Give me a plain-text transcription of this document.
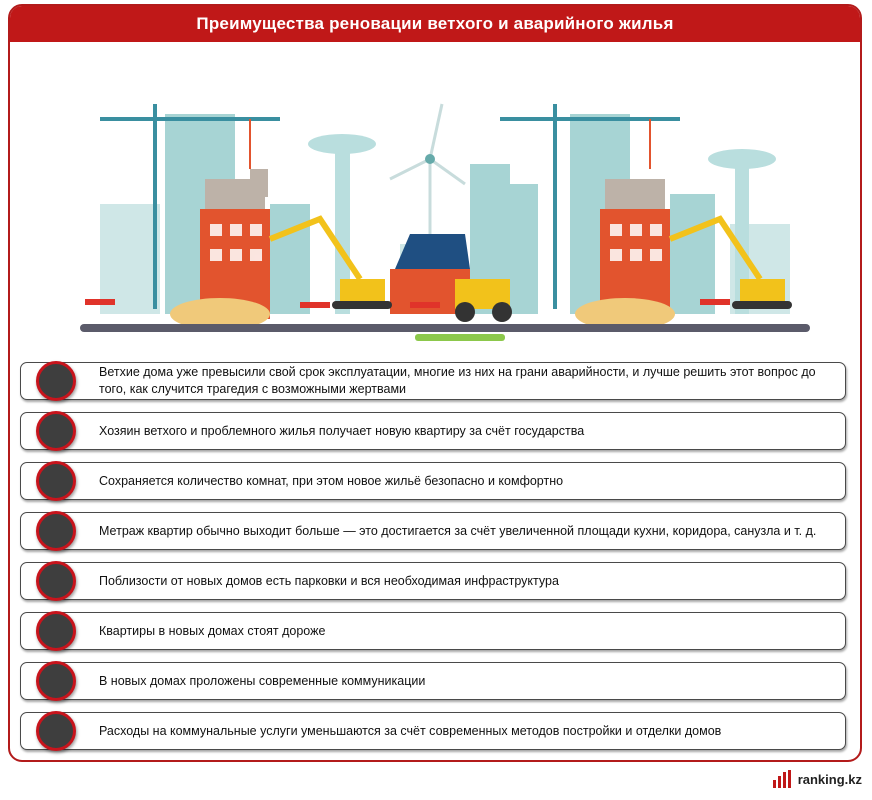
Преимущества реновации ветхого и аварийного жилья
Ветхие дома уже превысили свой срок эксплуатации, многие из них на грани аварийности, и лучше решить этот вопрос до того, как случится трагедия с возможными жертвами
Хозяин ветхого и проблемного жилья получает новую квартиру за счёт государства
Сохраняется количество комнат, при этом новое жильё безопасно и комфортно
Метраж квартир обычно выходит больше — это достигается за счёт увеличенной площади кухни, коридора, санузла и т. д.
Поблизости от новых домов есть парковки и вся необходимая инфраструктура
Квартиры в новых домах стоят дороже
В новых домах проложены современные коммуникации
Расходы на коммунальные услуги уменьшаются за счёт современных методов постройки и отделки домов
ranking.kz
